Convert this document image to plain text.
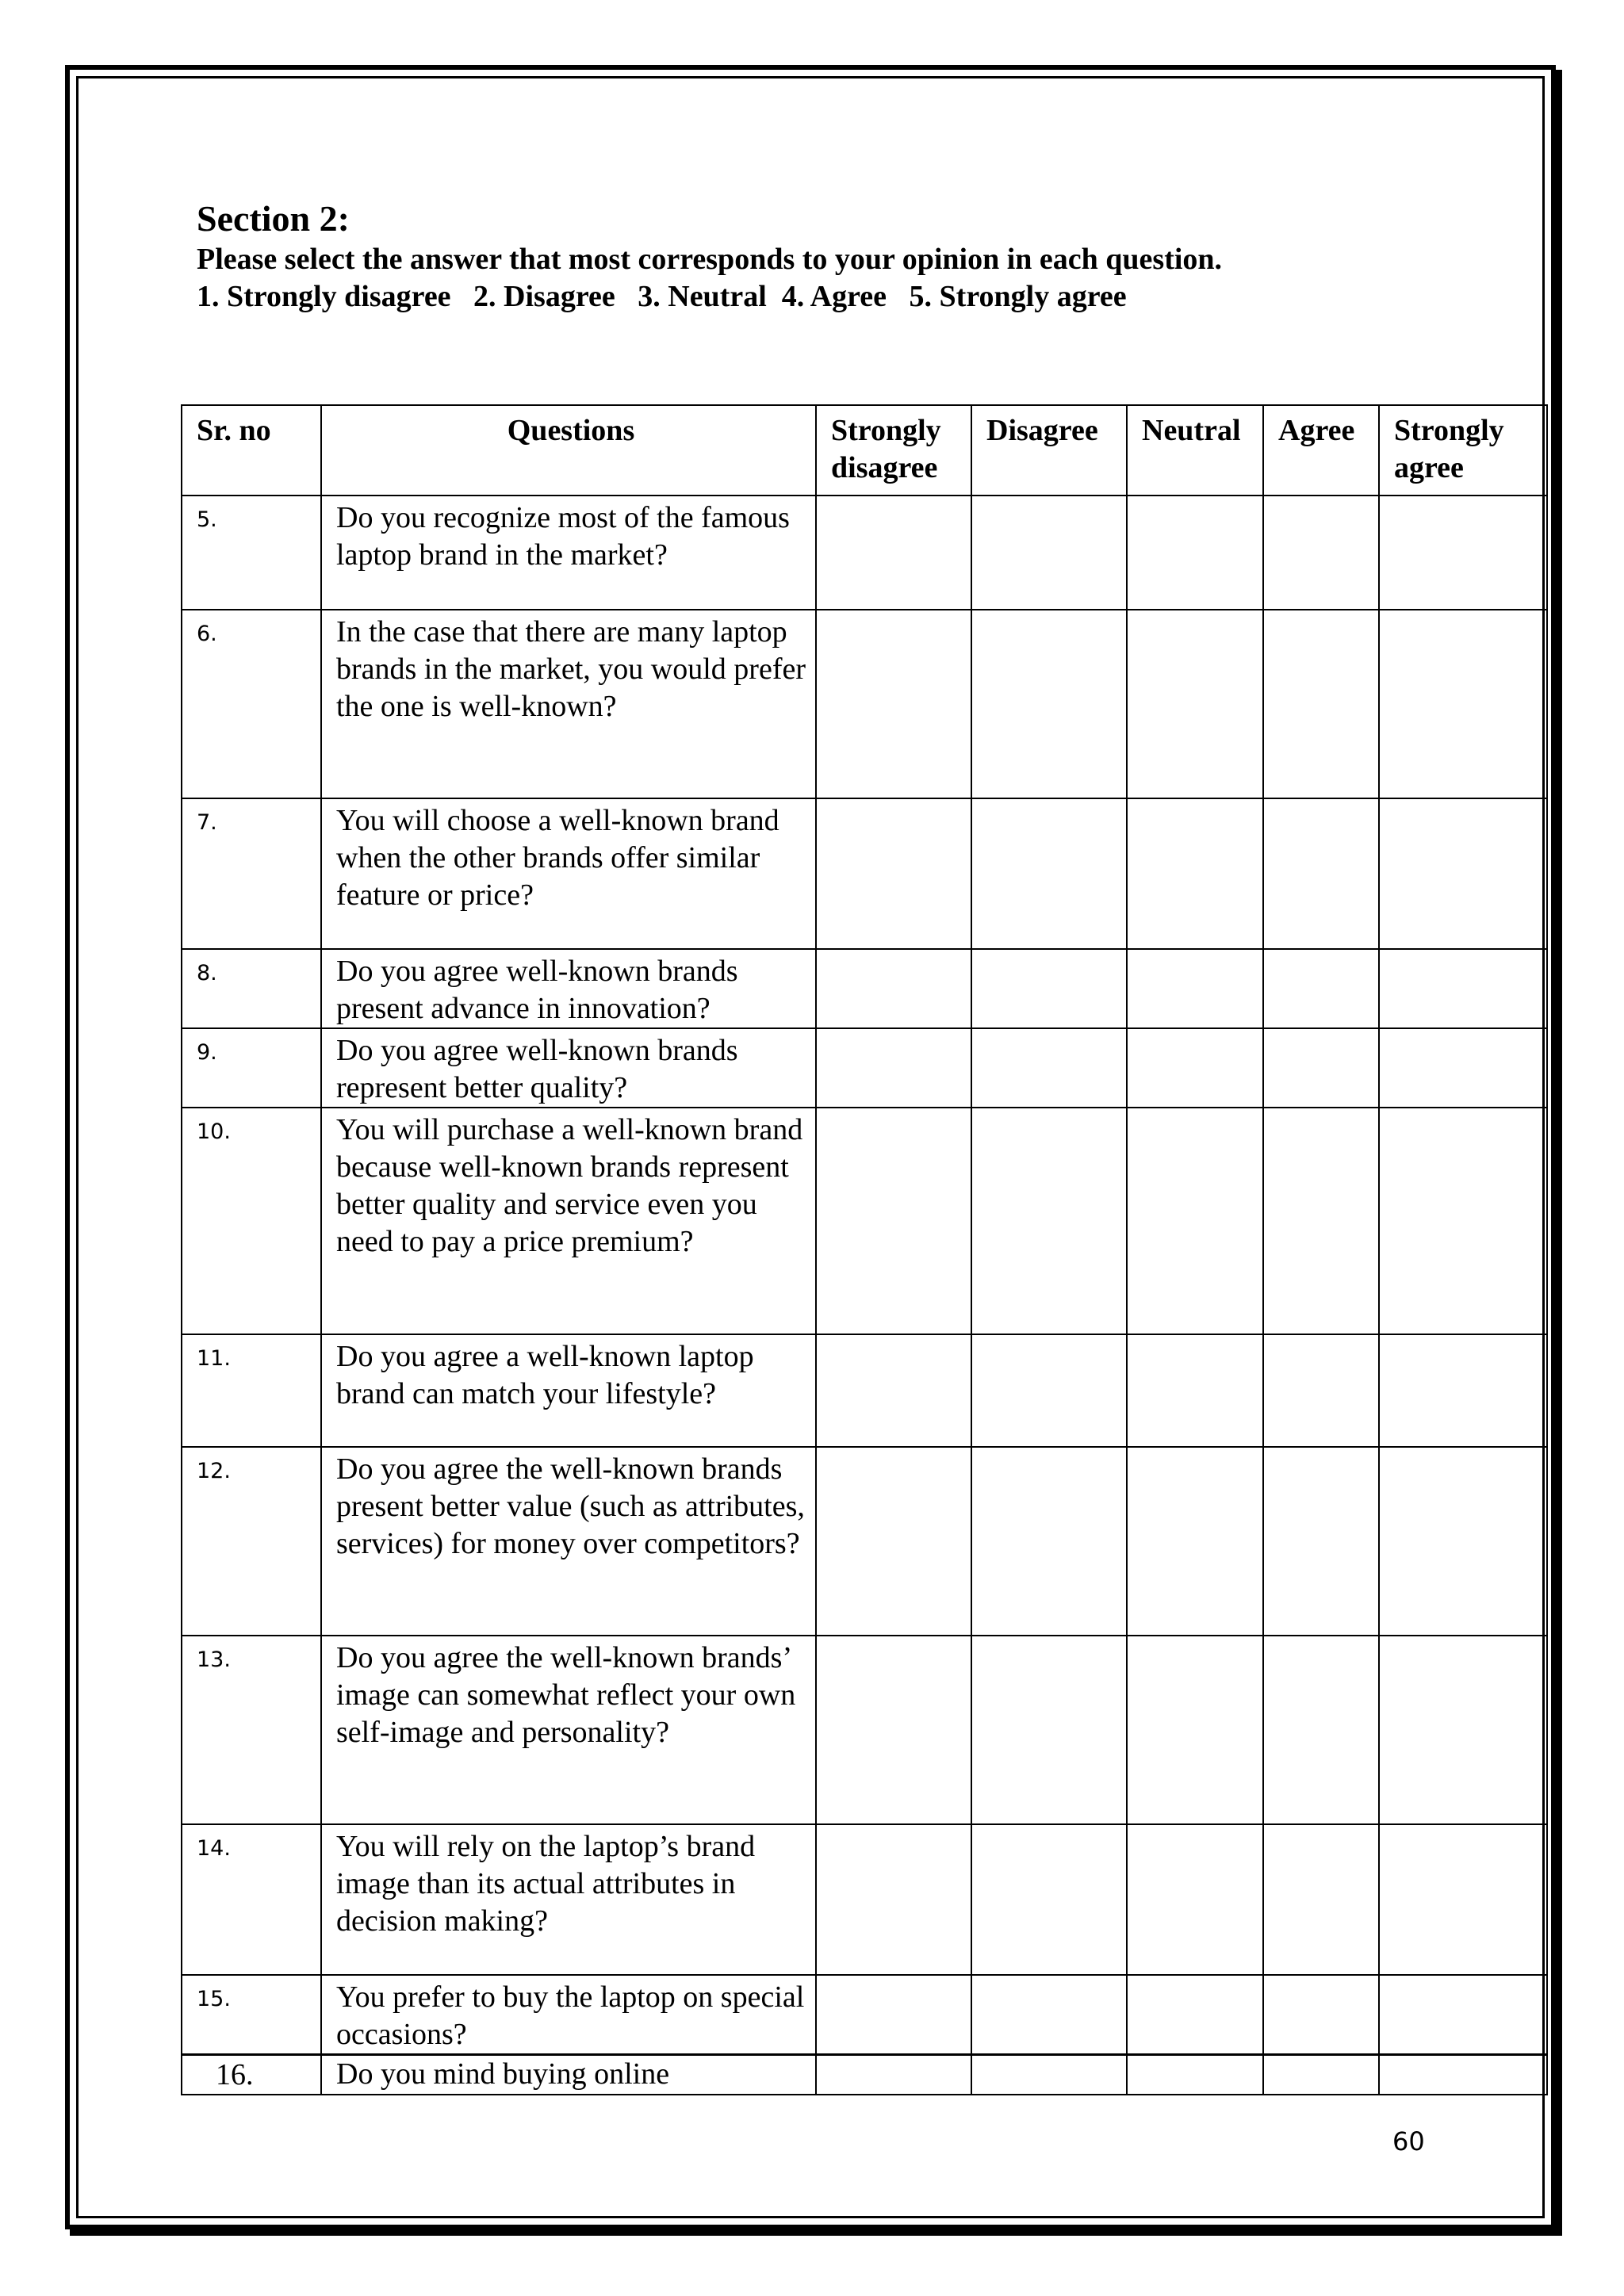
Section 2:
Please select the answer that most corresponds to your opinion in each question.
1. Strongly disagree   2. Disagree   3. Neutral  4. Agree   5. Strongly agree
Sr. no	Questions	Strongly disagree	Disagree	Neutral	Agree	Strongly agree
5.	Do you recognize most of the famous laptop brand in the market?					
6.	In the case that there are many laptop brands in the market, you would prefer the one is well-known?					
7.	You will choose a well-known brand when the other brands offer similar feature or price?					
8.	Do you agree well-known brands present advance in innovation?					
9.	Do you agree well-known brands represent better quality?					
10.	You will purchase a well-known brand because well-known brands represent better quality and service even you need to pay a price premium?					
11.	Do you agree a well-known laptop brand can match your lifestyle?					
12.	Do you agree the well-known brands present better value (such as attributes, services) for money over competitors?					
13.	Do you agree the well-known brands’ image can somewhat reflect your own self-image and personality?					
14.	You will rely on the laptop’s brand image than its actual attributes in decision making?					
15.	You prefer to buy the laptop on special occasions?					
16.	Do you mind buying online					
60
